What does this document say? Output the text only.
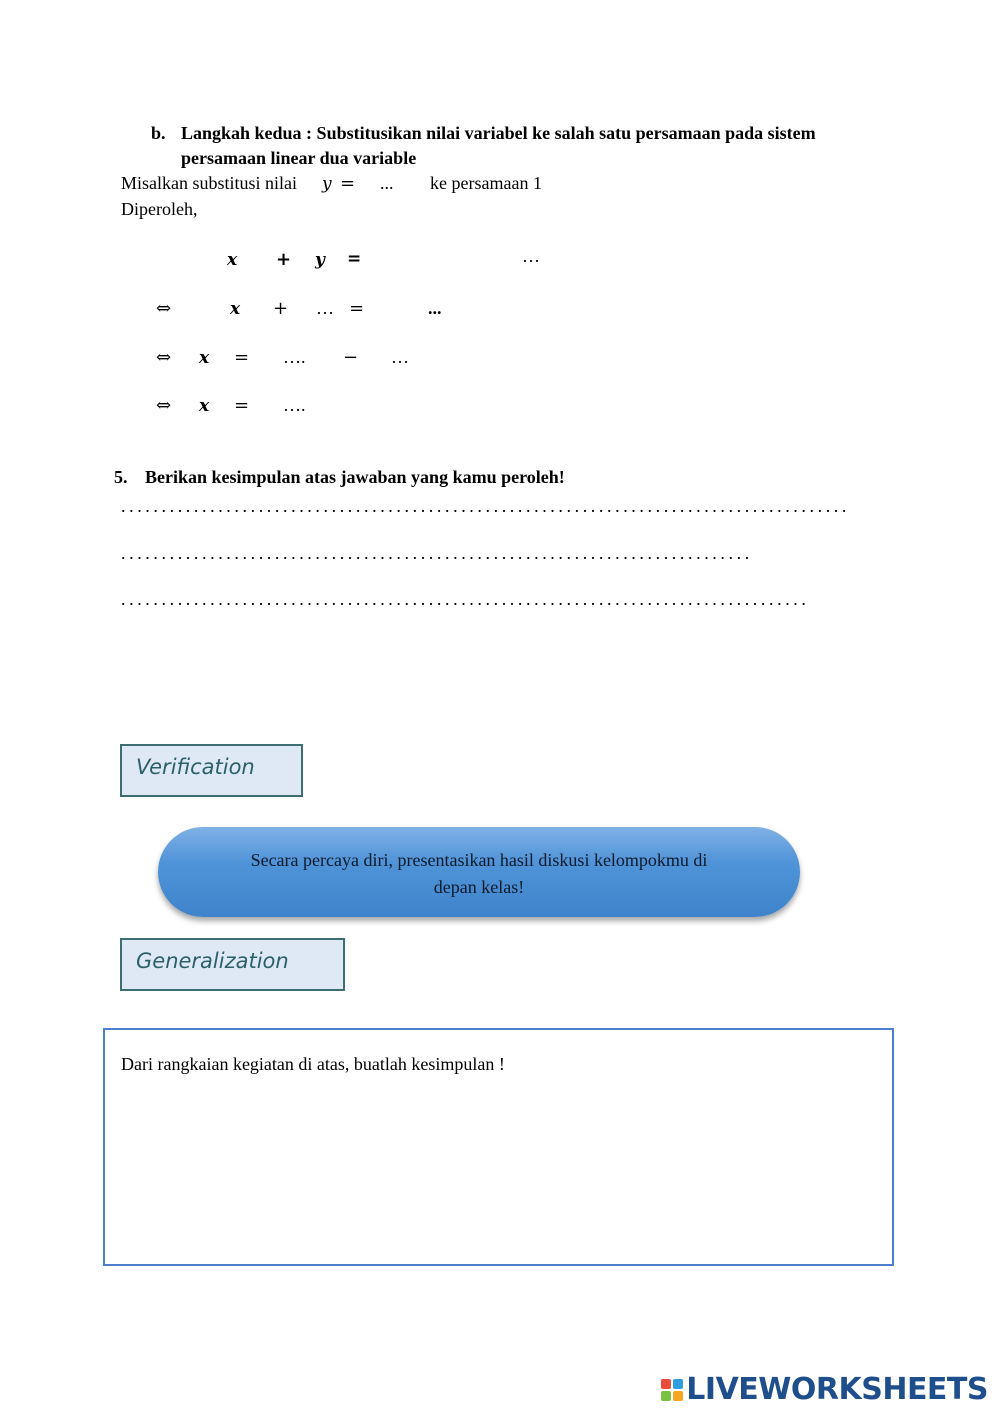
b. Langkah kedua : Substitusikan nilai variabel ke salah satu persamaan pada sistem
persamaan linear dua variable
Misalkan substitusi nilai y = ... ke persamaan 1
Diperoleh,
x + y =	…
⇔	x + … =	...
⇔ x = …. − …
⇔ x = ….
5. Berikan kesimpulan atas jawaban yang kamu peroleh!
..........................................................................................
..............................................................................
.....................................................................................
Verification
Secara percaya diri, presentasikan hasil diskusi kelompokmu di
depan kelas!
Generalization
Dari rangkaian kegiatan di atas, buatlah kesimpulan !
LIVEWORKSHEETS
